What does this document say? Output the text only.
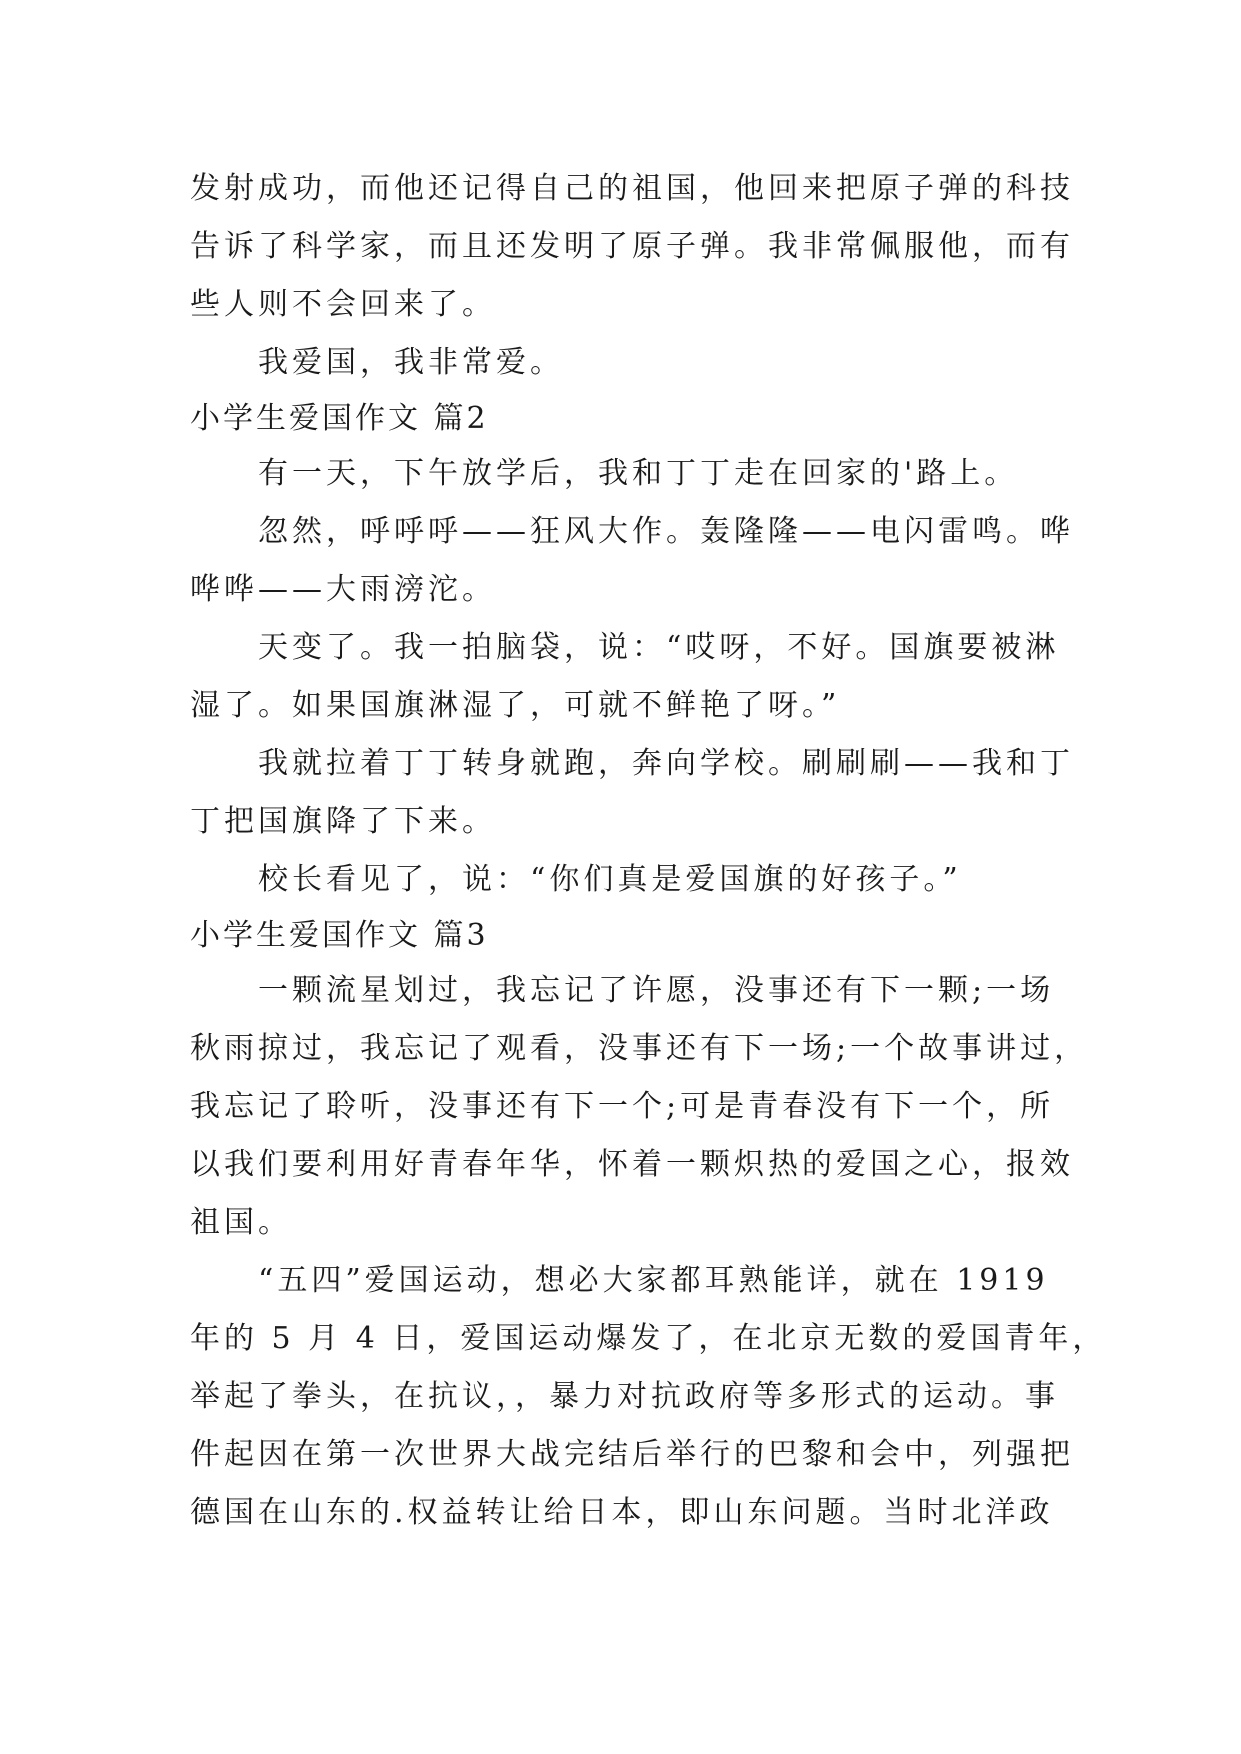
发射成功，而他还记得自己的祖国，他回来把原子弹的科技
告诉了科学家，而且还发明了原子弹。我非常佩服他，而有
些人则不会回来了。
我爱国，我非常爱。
小学生爱国作文 篇2
有一天，下午放学后，我和丁丁走在回家的'路上。
忽然，呼呼呼——狂风大作。轰隆隆——电闪雷鸣。哗
哗哗——大雨滂沱。
天变了。我一拍脑袋，说：“哎呀，不好。国旗要被淋
湿了。如果国旗淋湿了，可就不鲜艳了呀。”
我就拉着丁丁转身就跑，奔向学校。刷刷刷——我和丁
丁把国旗降了下来。
校长看见了，说：“你们真是爱国旗的好孩子。”
小学生爱国作文 篇3
一颗流星划过，我忘记了许愿，没事还有下一颗;一场
秋雨掠过，我忘记了观看，没事还有下一场;一个故事讲过，
我忘记了聆听，没事还有下一个;可是青春没有下一个，所
以我们要利用好青春年华，怀着一颗炽热的爱国之心，报效
祖国。
“五四”爱国运动，想必大家都耳熟能详，就在 1919
年的 5 月 4 日，爱国运动爆发了，在北京无数的爱国青年，
举起了拳头，在抗议，，暴力对抗政府等多形式的运动。事
件起因在第一次世界大战完结后举行的巴黎和会中，列强把
德国在山东的.权益转让给日本，即山东问题。当时北洋政
